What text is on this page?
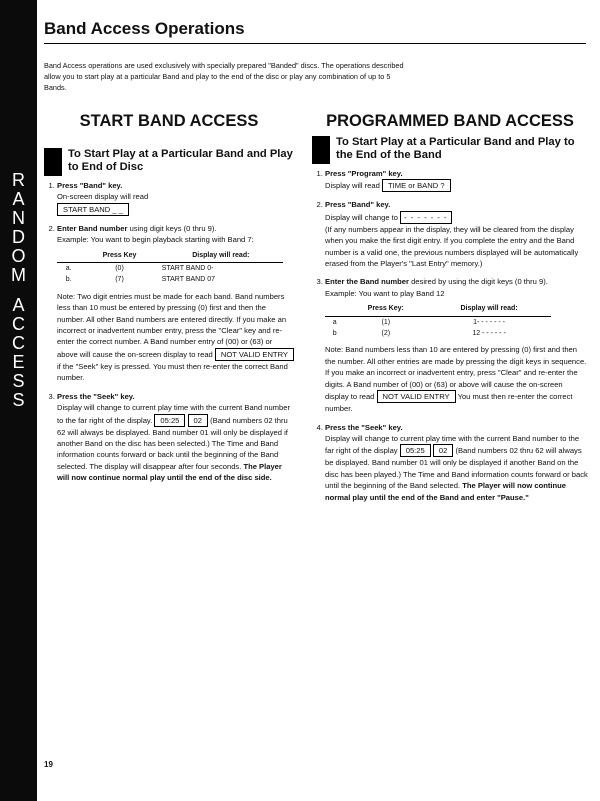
R
A
N
D
O
M
A
C
C
E
S
S
Band Access Operations

Band Access operations are used exclusively with specially prepared "Banded" discs. The operations described allow you to start play at a particular Band and play to the end of the disc or play any combination of up to 5 Bands.

START BAND ACCESS
To Start Play at a Particular Band and Play to End of Disc
1. Press "Band" key.
On-screen display will read
START BAND _ _
2. Enter Band number using digit keys (0 thru 9).
Example: You want to begin playback starting with Band 7:
	Press Key	Display will read:
a.	(0)	START BAND 0-
b.	(7)	START BAND 07
Note: Two digit entries must be made for each band. Band numbers less than 10 must be entered by pressing (0) first and then the number. All other Band numbers are entered directly. If you make an incorrect or inadvertent number entry, press the "Clear" key and re-enter the correct number. A Band number entry of (00) or (63) or above will cause the on-screen display to read NOT VALID ENTRY if the "Seek" key is pressed. You must then re-enter the correct Band number.
3. Press the "Seek" key.
Display will change to current play time with the current Band number to the far right of the display. 05:25 02 (Band numbers 02 thru 62 will always be displayed. Band number 01 will only be displayed if another Band on the disc has been selected.) The Time and Band information counts forward or back until the beginning of the Band selected. The display will disappear after four seconds. The Player will now continue normal play until the end of the disc side.
PROGRAMMED BAND ACCESS
To Start Play at a Particular Band and Play to the End of the Band
1. Press "Program" key.
Display will read TIME or BAND ?
2. Press "Band" key.
Display will change to - - - - - - -
(If any numbers appear in the display, they will be cleared from the display when you make the first digit entry. If you complete the entry and the Band number is a valid one, the previous numbers displayed will be automatically erased from the Player's "Last Entry" memory.)
3. Enter the Band number desired by using the digit keys (0 thru 9).
Example: You want to play Band 12
	Press Key:	Display will read:
a	(1)	1- - - - - - -
b	(2)	12 - - - - - -
Note: Band numbers less than 10 are entered by pressing (0) first and then the number. All other entries are made by pressing the digit keys in sequence. If you make an incorrect or inadvertent entry, press "Clear" and re-enter the digits. A Band number of (00) or (63) or above will cause the on-screen display to read NOT VALID ENTRY You must then re-enter the correct number.
4. Press the "Seek" key.
Display will change to current play time with the current Band number to the far right of the display 05:25 02 (Band numbers 02 thru 62 will always be displayed. Band number 01 will only be displayed if another Band on the disc has been played.) The Time and Band information counts forward or back until the beginning of the Band selected. The Player will now continue normal play until the end of the Band and enter "Pause."
19
